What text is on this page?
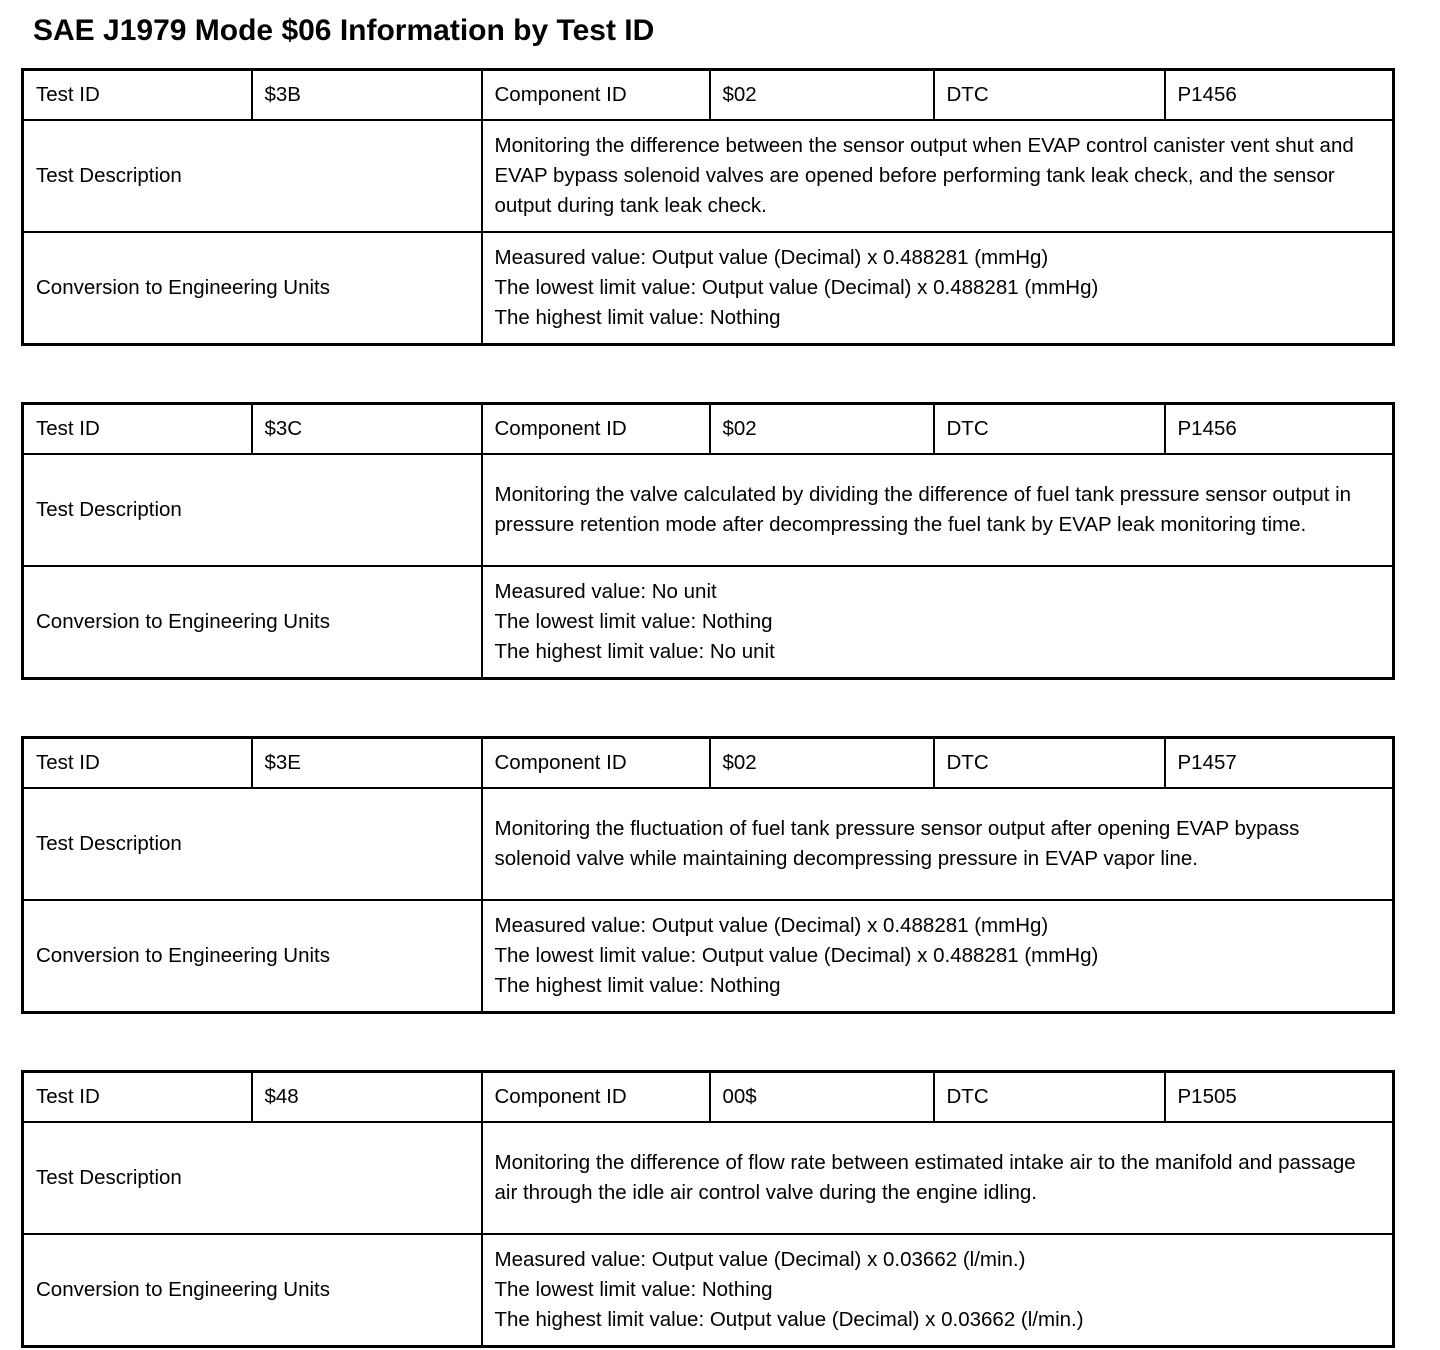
SAE J1979 Mode $06 Information by Test ID
Test ID	$3B	Component ID	$02	DTC	P1456
Test Description		Monitoring the difference between the sensor output when EVAP control canister vent shut and EVAP bypass solenoid valves are opened before performing tank leak check, and the sensor output during tank leak check.			
Conversion to Engineering Units		Measured value: Output value (Decimal) x 0.488281 (mmHg)
The lowest limit value: Output value (Decimal) x 0.488281 (mmHg)
The highest limit value: Nothing			
Test ID	$3C	Component ID	$02	DTC	P1456
Test Description		Monitoring the valve calculated by dividing the difference of fuel tank pressure sensor output in pressure retention mode after decompressing the fuel tank by EVAP leak monitoring time.			
Conversion to Engineering Units		Measured value: No unit
The lowest limit value: Nothing
The highest limit value: No unit			
Test ID	$3E	Component ID	$02	DTC	P1457
Test Description		Monitoring the fluctuation of fuel tank pressure sensor output after opening EVAP bypass solenoid valve while maintaining decompressing pressure in EVAP vapor line.			
Conversion to Engineering Units		Measured value: Output value (Decimal) x 0.488281 (mmHg)
The lowest limit value: Output value (Decimal) x 0.488281 (mmHg)
The highest limit value: Nothing			
Test ID	$48	Component ID	00$	DTC	P1505
Test Description		Monitoring the difference of flow rate between estimated intake air to the manifold and passage air through the idle air control valve during the engine idling.			
Conversion to Engineering Units		Measured value: Output value (Decimal) x 0.03662 (l/min.)
The lowest limit value: Nothing
The highest limit value: Output value (Decimal) x 0.03662 (l/min.)			
